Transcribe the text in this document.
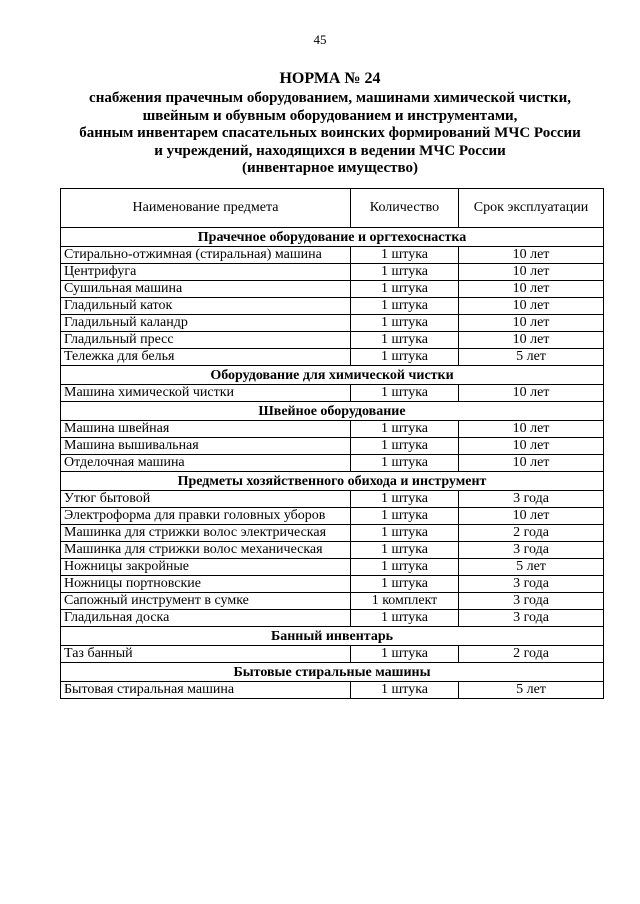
45
НОРМА № 24
снабжения прачечным оборудованием, машинами химической чистки,
швейным и обувным оборудованием и инструментами,
банным инвентарем спасательных воинских формирований МЧС России
и учреждений, находящихся в ведении МЧС России
(инвентарное имущество)
Наименование предмета	Количество	Срок эксплуатации
Прачечное оборудование и оргтехоснастка		
Стирально-отжимная (стиральная) машина	1 штука	10 лет
Центрифуга	1 штука	10 лет
Сушильная машина	1 штука	10 лет
Гладильный каток	1 штука	10 лет
Гладильный каландр	1 штука	10 лет
Гладильный пресс	1 штука	10 лет
Тележка для белья	1 штука	5 лет
Оборудование для химической чистки		
Машина химической чистки	1 штука	10 лет
Швейное оборудование		
Машина швейная	1 штука	10 лет
Машина вышивальная	1 штука	10 лет
Отделочная машина	1 штука	10 лет
Предметы хозяйственного обихода и инструмент		
Утюг бытовой	1 штука	3 года
Электроформа для правки головных уборов	1 штука	10 лет
Машинка для стрижки волос электрическая	1 штука	2 года
Машинка для стрижки волос механическая	1 штука	3 года
Ножницы закройные	1 штука	5 лет
Ножницы портновские	1 штука	3 года
Сапожный инструмент в сумке	1 комплект	3 года
Гладильная доска	1 штука	3 года
Банный инвентарь		
Таз банный	1 штука	2 года
Бытовые стиральные машины		
Бытовая стиральная машина	1 штука	5 лет
